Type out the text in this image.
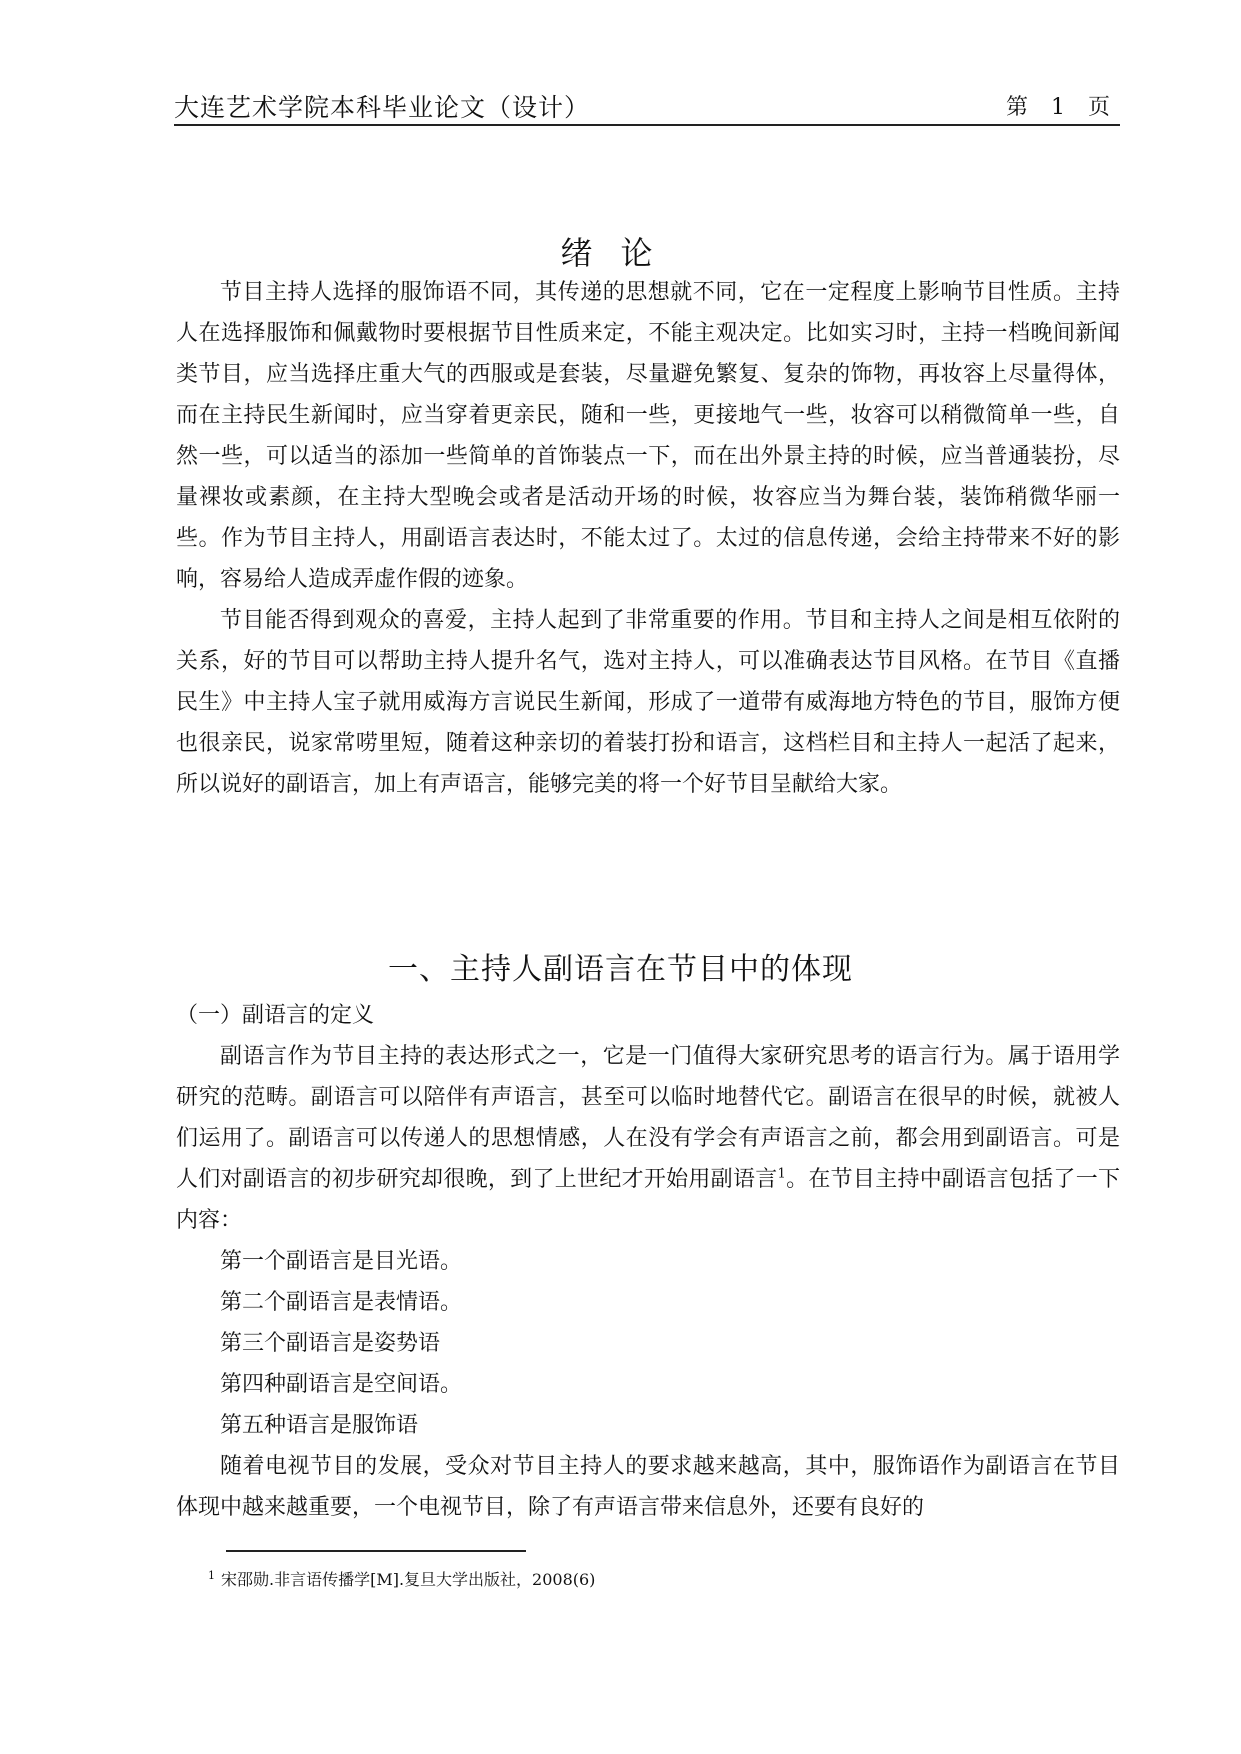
大连艺术学院本科毕业论文（设计）	第 1 页
绪论

节目主持人选择的服饰语不同，其传递的思想就不同，它在一定程度上影响节目性质。主持人在选择服饰和佩戴物时要根据节目性质来定，不能主观决定。比如实习时，主持一档晚间新闻类节目，应当选择庄重大气的西服或是套装，尽量避免繁复、复杂的饰物，再妆容上尽量得体，而在主持民生新闻时，应当穿着更亲民，随和一些，更接地气一些，妆容可以稍微简单一些，自然一些，可以适当的添加一些简单的首饰装点一下，而在出外景主持的时候，应当普通装扮，尽量裸妆或素颜，在主持大型晚会或者是活动开场的时候，妆容应当为舞台装，装饰稍微华丽一些。作为节目主持人，用副语言表达时，不能太过了。太过的信息传递，会给主持带来不好的影响，容易给人造成弄虚作假的迹象。

节目能否得到观众的喜爱，主持人起到了非常重要的作用。节目和主持人之间是相互依附的关系，好的节目可以帮助主持人提升名气，选对主持人，可以准确表达节目风格。在节目《直播民生》中主持人宝子就用威海方言说民生新闻，形成了一道带有威海地方特色的节目，服饰方便也很亲民，说家常唠里短，随着这种亲切的着装打扮和语言，这档栏目和主持人一起活了起来，所以说好的副语言，加上有声语言，能够完美的将一个好节目呈献给大家。

一、主持人副语言在节目中的体现
（一）副语言的定义

副语言作为节目主持的表达形式之一，它是一门值得大家研究思考的语言行为。属于语用学研究的范畴。副语言可以陪伴有声语言，甚至可以临时地替代它。副语言在很早的时候，就被人们运用了。副语言可以传递人的思想情感，人在没有学会有声语言之前，都会用到副语言。可是人们对副语言的初步研究却很晚，到了上世纪才开始用副语言$^1$。在节目主持中副语言包括了一下内容：

第一个副语言是目光语。
第二个副语言是表情语。
第三个副语言是姿势语
第四种副语言是空间语。
第五种语言是服饰语

随着电视节目的发展，受众对节目主持人的要求越来越高，其中，服饰语作为副语言在节目体现中越来越重要，一个电视节目，除了有声语言带来信息外，还要有良好的

$^1$ 宋邵勋.非言语传播学[M].复旦大学出版社，2008(6)
